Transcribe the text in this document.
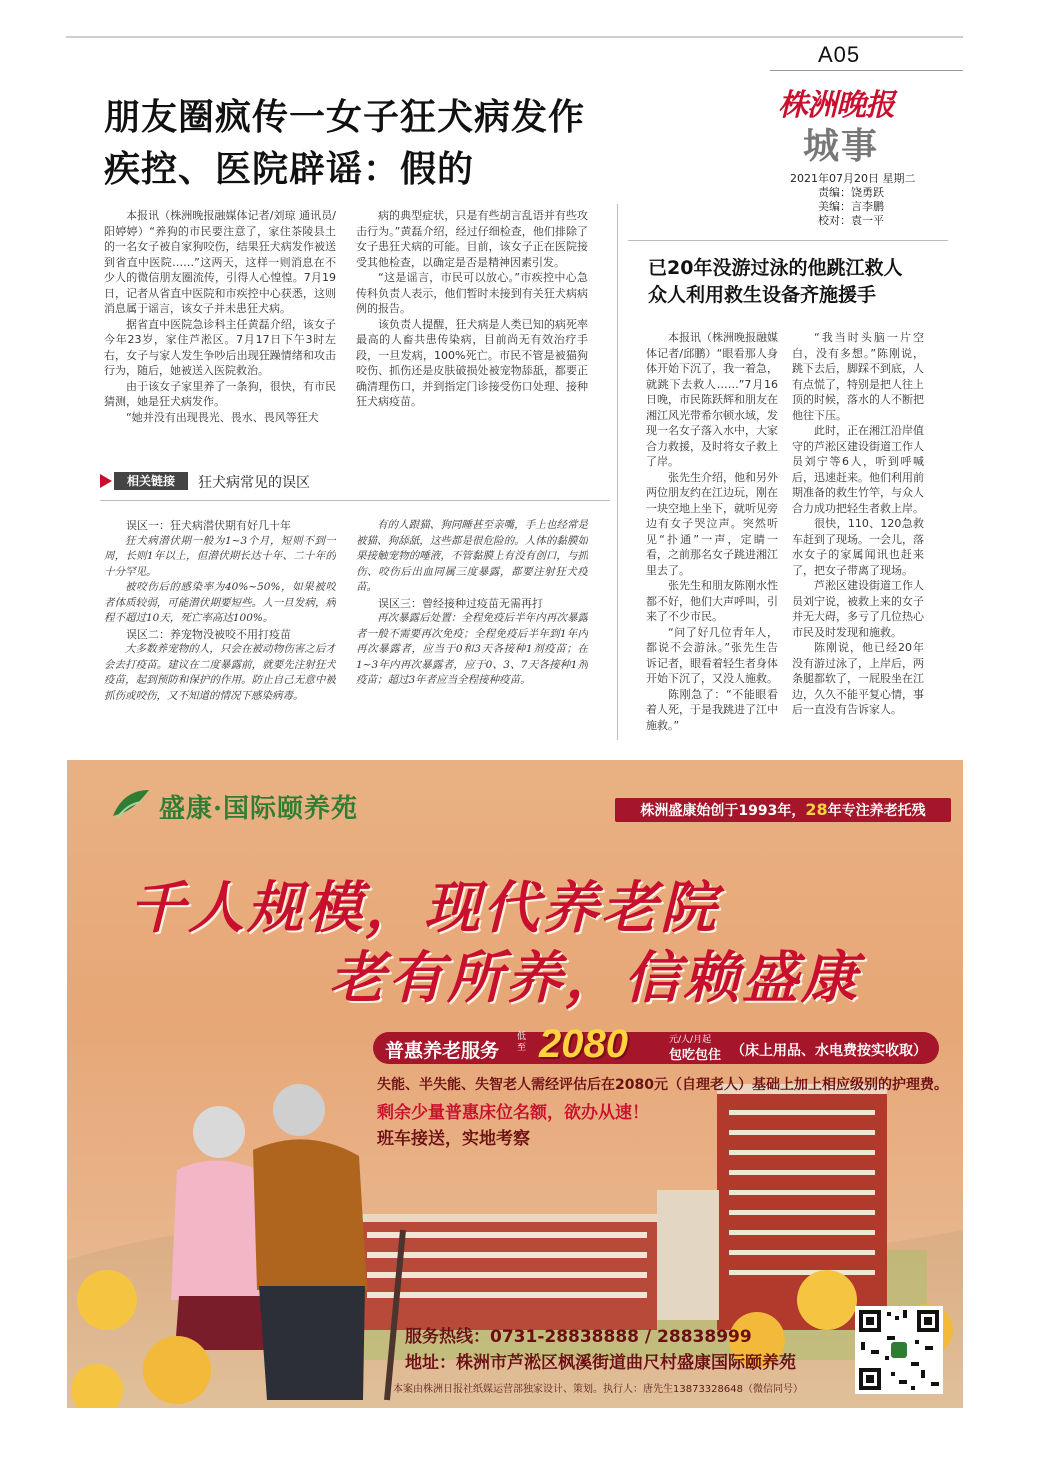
A05
株洲晚报
城事
2021年07月20日 星期二
责编：饶勇跃
美编：言李鹏
校对：袁一平
朋友圈疯传一女子狂犬病发作
疾控、医院辟谣：假的

本报讯（株洲晚报融媒体记者/刘琼 通讯员/阳婷婷）“养狗的市民要注意了，家住茶陵县土的一名女子被自家狗咬伤，结果狂犬病发作被送到省直中医院……”这两天，这样一则消息在不少人的微信朋友圈流传，引得人心惶惶。7月19日，记者从省直中医院和市疾控中心获悉，这则消息属于谣言，该女子并未患狂犬病。

据省直中医院急诊科主任黄磊介绍，该女子今年23岁，家住芦淞区。7月17日下午3时左右，女子与家人发生争吵后出现狂躁情绪和攻击行为，随后，她被送入医院救治。

由于该女子家里养了一条狗，很快，有市民猜测，她是狂犬病发作。

“她并没有出现畏光、畏水、畏风等狂犬

病的典型症状，只是有些胡言乱语并有些攻击行为。”黄磊介绍，经过仔细检查，他们排除了女子患狂犬病的可能。目前，该女子正在医院接受其他检查，以确定是否是精神因素引发。

“这是谣言，市民可以放心。”市疾控中心急传科负责人表示，他们暂时未接到有关狂犬病病例的报告。

该负责人提醒，狂犬病是人类已知的病死率最高的人畜共患传染病，目前尚无有效治疗手段，一旦发病，100%死亡。市民不管是被猫狗咬伤、抓伤还是皮肤破损处被宠物舔舐，都要正确清理伤口，并到指定门诊接受伤口处理、接种狂犬病疫苗。

相关链接	狂犬病常见的误区

误区一：狂犬病潜伏期有好几十年

狂犬病潜伏期一般为1~3个月，短则不到一周，长则1年以上，但潜伏期长达十年、二十年的十分罕见。

被咬伤后的感染率为40%~50%，如果被咬者体质较弱，可能潜伏期要短些。人一旦发病，病程不超过10天，死亡率高达100%。

误区二：养宠物没被咬不用打疫苗

大多数养宠物的人，只会在被动物伤害之后才会去打疫苗。建议在二度暴露前，就要先注射狂犬疫苗，起到预防和保护的作用。防止自己无意中被抓伤或咬伤，又不知道的情况下感染病毒。

有的人跟猫、狗同睡甚至亲嘴，手上也经常是被猫、狗舔舐，这些都是很危险的。人体的黏膜如果接触宠物的唾液，不管黏膜上有没有创口，与抓伤、咬伤后出血同属三度暴露，都要注射狂犬疫苗。

误区三：曾经接种过疫苗无需再打

再次暴露后处置：全程免疫后半年内再次暴露者一般不需要再次免疫；全程免疫后半年到1年内再次暴露者，应当于0和3天各接种1剂疫苗；在1~3年内再次暴露者，应于0、3、7天各接种1剂疫苗；超过3年者应当全程接种疫苗。

已20年没游过泳的他跳江救人
众人利用救生设备齐施援手

本报讯（株洲晚报融媒体记者/邱鹏）“眼看那人身体开始下沉了，我一着急，就跳下去救人……”7月16日晚，市民陈跃辉和朋友在湘江风光带希尔顿水域，发现一名女子落入水中，大家合力救援，及时将女子救上了岸。

张先生介绍，他和另外两位朋友约在江边玩，刚在一块空地上坐下，就听见旁边有女子哭泣声。突然听见“扑通”一声，定睛一看，之前那名女子跳进湘江里去了。

张先生和朋友陈刚水性都不好，他们大声呼叫，引来了不少市民。

“问了好几位青年人，都说不会游泳。”张先生告诉记者，眼看着轻生者身体开始下沉了，又没人施救。

陈刚急了：“不能眼看着人死，于是我跳进了江中施救。”

“我当时头脑一片空白，没有多想。”陈刚说，跳下去后，脚踩不到底，人有点慌了，特别是把人往上顶的时候，落水的人不断把他往下压。

此时，正在湘江沿岸值守的芦淞区建设街道工作人员刘宁等6人，听到呼喊后，迅速赶来。他们利用前期准备的救生竹竿，与众人合力成功把轻生者救上岸。

很快，110、120急救车赶到了现场。一会儿，落水女子的家属闻讯也赶来了，把女子带离了现场。

芦淞区建设街道工作人员刘宁说，被救上来的女子并无大碍，多亏了几位热心市民及时发现和施救。

陈刚说，他已经20年没有游过泳了，上岸后，两条腿都软了，一屁股坐在江边，久久不能平复心情，事后一直没有告诉家人。

盛康·国际颐养苑	株洲盛康始创于1993年，28年专注养老托残
千人规模，现代养老院
老有所养，信赖盛康
普惠养老服务
低至 2080	元/人/月起
包吃包住 （床上用品、水电费按实收取）
失能、半失能、失智老人需经评估后在2080元（自理老人）基础上加上相应级别的护理费。
剩余少量普惠床位名额，欲办从速！
班车接送，实地考察
服务热线：0731-28838888 / 28838999
地址：株洲市芦淞区枫溪街道曲尺村盛康国际颐养苑
本案由株洲日报社纸媒运营部独家设计、策划。执行人：唐先生13873328648（微信同号）
